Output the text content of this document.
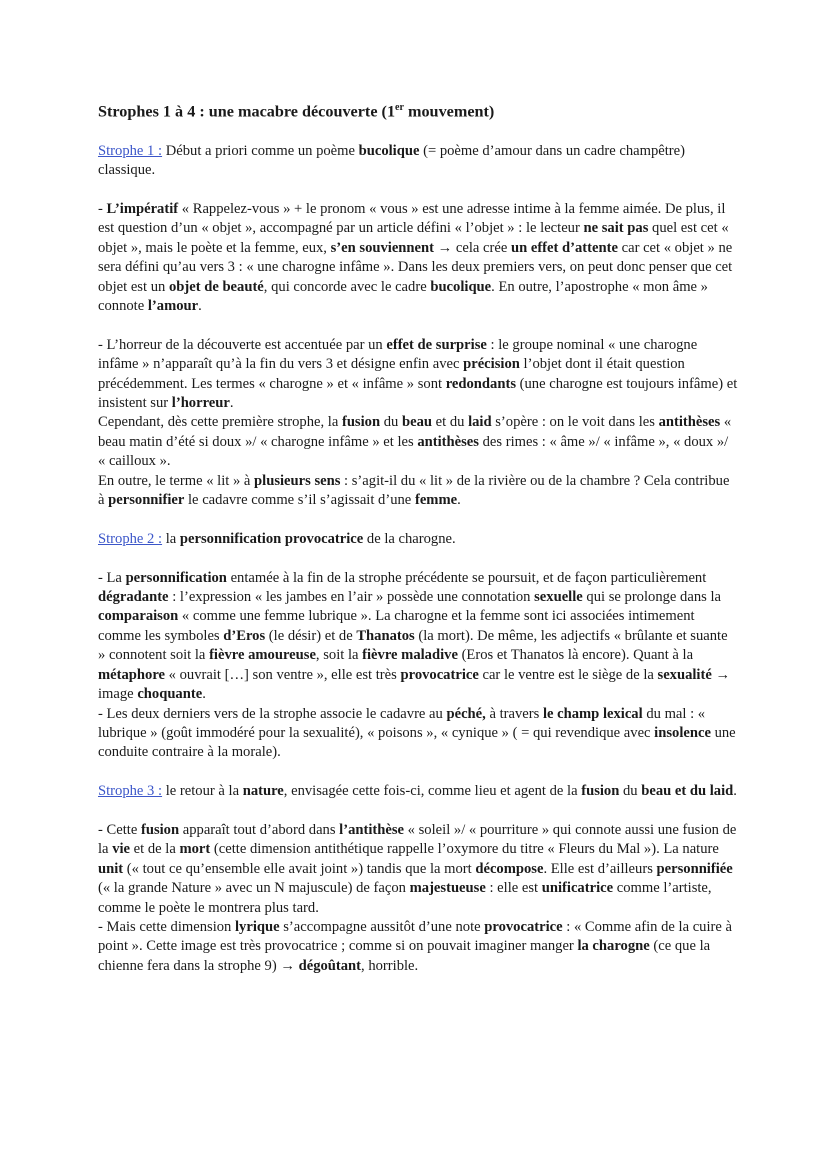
Strophes 1 à 4 : une macabre découverte (1er mouvement)

Strophe 1 : Début a priori comme un poème bucolique (= poème d’amour dans un cadre champêtre) classique.

- L’impératif « Rappelez-vous » + le pronom « vous » est une adresse intime à la femme aimée. De plus, il est question d’un « objet », accompagné par un article défini « l’objet » : le lecteur ne sait pas quel est cet « objet », mais le poète et la femme, eux, s’en souviennent → cela crée un effet d’attente car cet « objet » ne sera défini qu’au vers 3 : « une charogne infâme ». Dans les deux premiers vers, on peut donc penser que cet objet est un objet de beauté, qui concorde avec le cadre bucolique. En outre, l’apostrophe « mon âme » connote l’amour.

- L’horreur de la découverte est accentuée par un effet de surprise : le groupe nominal « une charogne infâme » n’apparaît qu’à la fin du vers 3 et désigne enfin avec précision l’objet dont il était question précédemment. Les termes « charogne » et « infâme » sont redondants (une charogne est toujours infâme) et insistent sur l’horreur.

Cependant, dès cette première strophe, la fusion du beau et du laid s’opère : on le voit dans les antithèses « beau matin d’été si doux »/ « charogne infâme » et les antithèses des rimes : « âme »/ « infâme », « doux »/ « cailloux ».

En outre, le terme « lit » à plusieurs sens : s’agit-il du « lit » de la rivière ou de la chambre ? Cela contribue à personnifier le cadavre comme s’il s’agissait d’une femme.

Strophe 2 : la personnification provocatrice de la charogne.

- La personnification entamée à la fin de la strophe précédente se poursuit, et de façon particulièrement dégradante : l’expression « les jambes en l’air » possède une connotation sexuelle qui se prolonge dans la comparaison « comme une femme lubrique ». La charogne et la femme sont ici associées intimement comme les symboles d’Eros (le désir) et de Thanatos (la mort). De même, les adjectifs « brûlante et suante » connotent soit la fièvre amoureuse, soit la fièvre maladive (Eros et Thanatos là encore). Quant à la métaphore « ouvrait […] son ventre », elle est très provocatrice car le ventre est le siège de la sexualité → image choquante.

- Les deux derniers vers de la strophe associe le cadavre au péché, à travers le champ lexical du mal : « lubrique » (goût immodéré pour la sexualité), « poisons », « cynique » ( = qui revendique avec insolence une conduite contraire à la morale).

Strophe 3 : le retour à la nature, envisagée cette fois-ci, comme lieu et agent de la fusion du beau et du laid.

- Cette fusion apparaît tout d’abord dans l’antithèse « soleil »/ « pourriture » qui connote aussi une fusion de la vie et de la mort (cette dimension antithétique rappelle l’oxymore du titre « Fleurs du Mal »). La nature unit (« tout ce qu’ensemble elle avait joint ») tandis que la mort décompose. Elle est d’ailleurs personnifiée (« la grande Nature » avec un N majuscule) de façon majestueuse : elle est unificatrice comme l’artiste, comme le poète le montrera plus tard.

- Mais cette dimension lyrique s’accompagne aussitôt d’une note provocatrice : « Comme afin de la cuire à point ». Cette image est très provocatrice ; comme si on pouvait imaginer manger la charogne (ce que la chienne fera dans la strophe 9) → dégoûtant, horrible.
